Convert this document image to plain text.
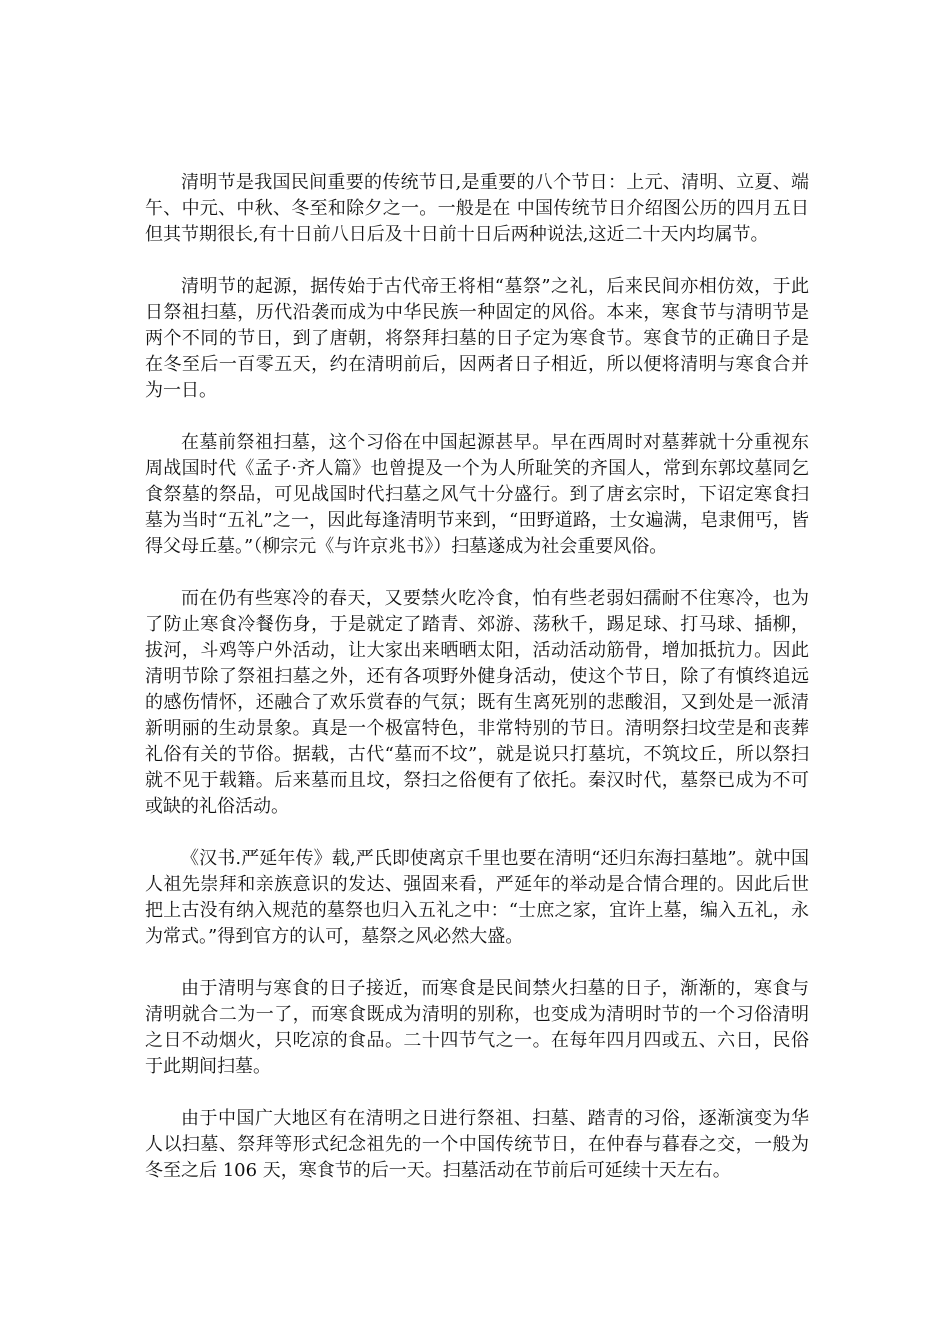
清明节是我国民间重要的传统节日,是重要的八个节日：上元、清明、立夏、端午、中元、中秋、冬至和除夕之一。一般是在 中国传统节日介绍图公历的四月五日但其节期很长,有十日前八日后及十日前十日后两种说法,这近二十天内均属节。

清明节的起源，据传始于古代帝王将相“墓祭”之礼，后来民间亦相仿效，于此日祭祖扫墓，历代沿袭而成为中华民族一种固定的风俗。本来，寒食节与清明节是两个不同的节日，到了唐朝，将祭拜扫墓的日子定为寒食节。寒食节的正确日子是在冬至后一百零五天，约在清明前后，因两者日子相近，所以便将清明与寒食合并为一日。

在墓前祭祖扫墓，这个习俗在中国起源甚早。早在西周时对墓葬就十分重视东周战国时代《孟子·齐人篇》也曾提及一个为人所耻笑的齐国人，常到东郭坟墓同乞食祭墓的祭品，可见战国时代扫墓之风气十分盛行。到了唐玄宗时，下诏定寒食扫墓为当时“五礼”之一，因此每逢清明节来到，“田野道路，士女遍满，皂隶佣丐，皆得父母丘墓。”（柳宗元《与许京兆书》）扫墓遂成为社会重要风俗。

而在仍有些寒冷的春天，又要禁火吃冷食，怕有些老弱妇孺耐不住寒冷，也为了防止寒食冷餐伤身，于是就定了踏青、郊游、荡秋千，踢足球、打马球、插柳，拔河，斗鸡等户外活动，让大家出来晒晒太阳，活动活动筋骨，增加抵抗力。因此清明节除了祭祖扫墓之外，还有各项野外健身活动，使这个节日，除了有慎终追远的感伤情怀，还融合了欢乐赏春的气氛；既有生离死别的悲酸泪，又到处是一派清新明丽的生动景象。真是一个极富特色，非常特别的节日。清明祭扫坟茔是和丧葬礼俗有关的节俗。据载，古代“墓而不坟”，就是说只打墓坑，不筑坟丘，所以祭扫就不见于载籍。后来墓而且坟，祭扫之俗便有了依托。秦汉时代，墓祭已成为不可或缺的礼俗活动。

《汉书.严延年传》载,严氏即使离京千里也要在清明“还归东海扫墓地”。就中国人祖先崇拜和亲族意识的发达、强固来看，严延年的举动是合情合理的。因此后世把上古没有纳入规范的墓祭也归入五礼之中：“士庶之家，宜许上墓，编入五礼，永为常式。”得到官方的认可，墓祭之风必然大盛。

由于清明与寒食的日子接近，而寒食是民间禁火扫墓的日子，渐渐的，寒食与清明就合二为一了，而寒食既成为清明的别称，也变成为清明时节的一个习俗清明之日不动烟火，只吃凉的食品。二十四节气之一。在每年四月四或五、六日，民俗于此期间扫墓。

由于中国广大地区有在清明之日进行祭祖、扫墓、踏青的习俗，逐渐演变为华人以扫墓、祭拜等形式纪念祖先的一个中国传统节日，在仲春与暮春之交，一般为冬至之后 106 天，寒食节的后一天。扫墓活动在节前后可延续十天左右。
